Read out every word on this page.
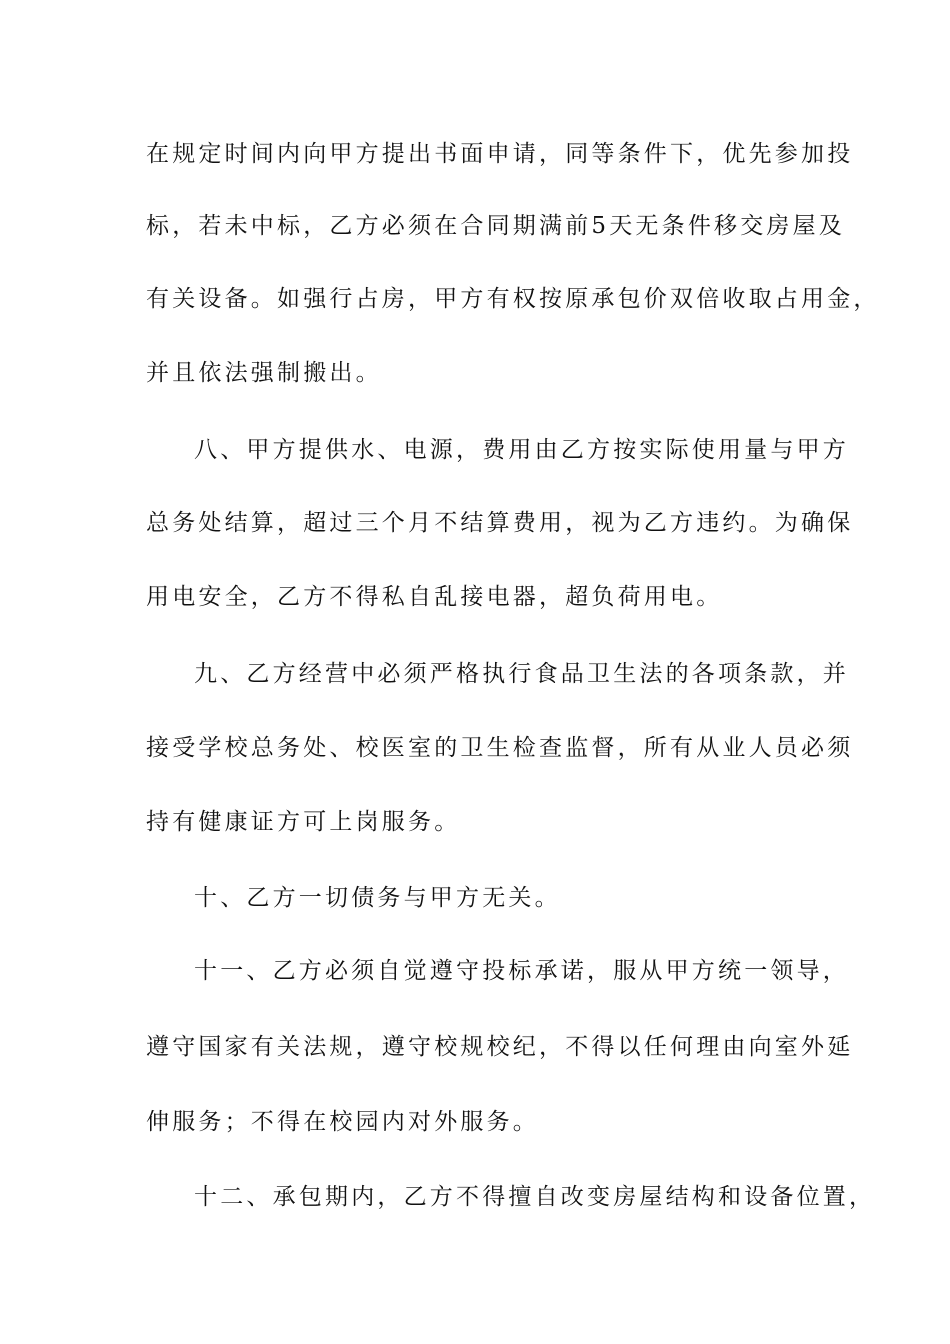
在规定时间内向甲方提出书面申请，同等条件下，优先参加投
标，若未中标，乙方必须在合同期满前5天无条件移交房屋及
有关设备。如强行占房，甲方有权按原承包价双倍收取占用金，
并且依法强制搬出。
八、甲方提供水、电源，费用由乙方按实际使用量与甲方
总务处结算，超过三个月不结算费用，视为乙方违约。为确保
用电安全，乙方不得私自乱接电器，超负荷用电。
九、乙方经营中必须严格执行食品卫生法的各项条款，并
接受学校总务处、校医室的卫生检查监督，所有从业人员必须
持有健康证方可上岗服务。
十、乙方一切债务与甲方无关。
十一、乙方必须自觉遵守投标承诺，服从甲方统一领导，
遵守国家有关法规，遵守校规校纪，不得以任何理由向室外延
伸服务；不得在校园内对外服务。
十二、承包期内，乙方不得擅自改变房屋结构和设备位置，
